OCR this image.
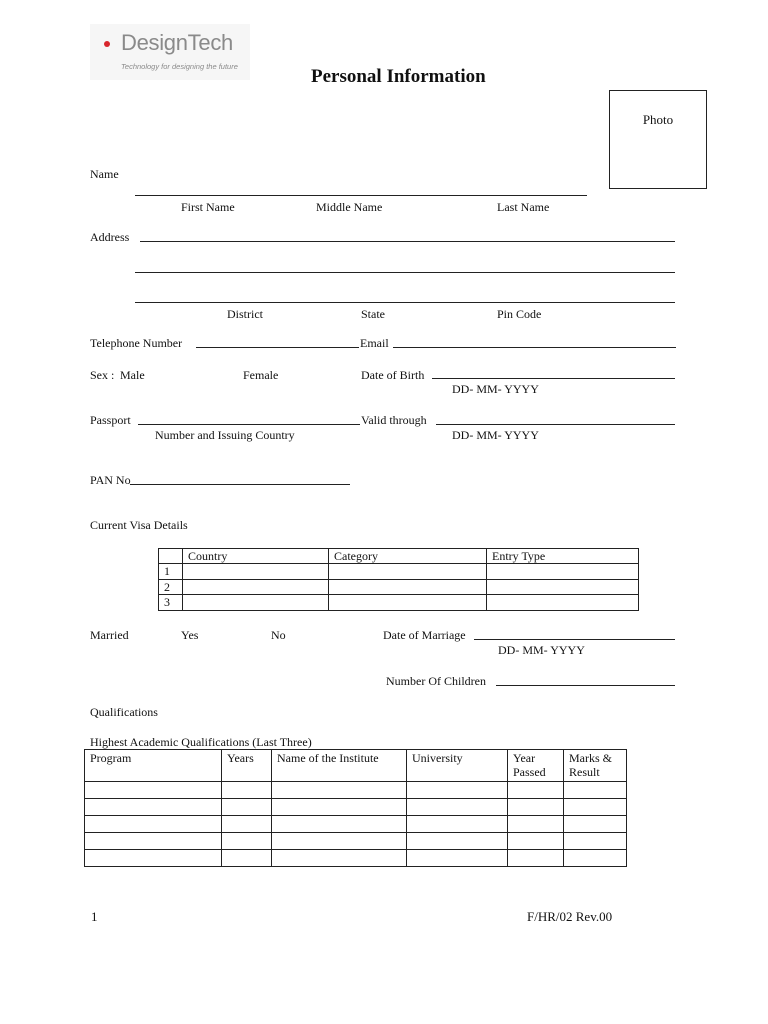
DesignTech
Technology for designing the future	Personal Information
Photo
Name
First Name	Middle Name	Last Name
Address
District	State	Pin Code
Telephone Number	Email
Sex : Male	Female	Date of Birth
DD- MM- YYYY
Passport
Number and Issuing Country
Valid through
DD- MM- YYYY
PAN No
Current Visa Details
	Country	Category	Entry Type
1			
2			
3			
Married	Yes	No	Date of Marriage
DD- MM- YYYY
Number Of Children
Qualifications
Highest Academic Qualifications (Last Three)
Program	Years	Name of the Institute	University	Year Passed	Marks & Result

1	F/HR/02 Rev.00
